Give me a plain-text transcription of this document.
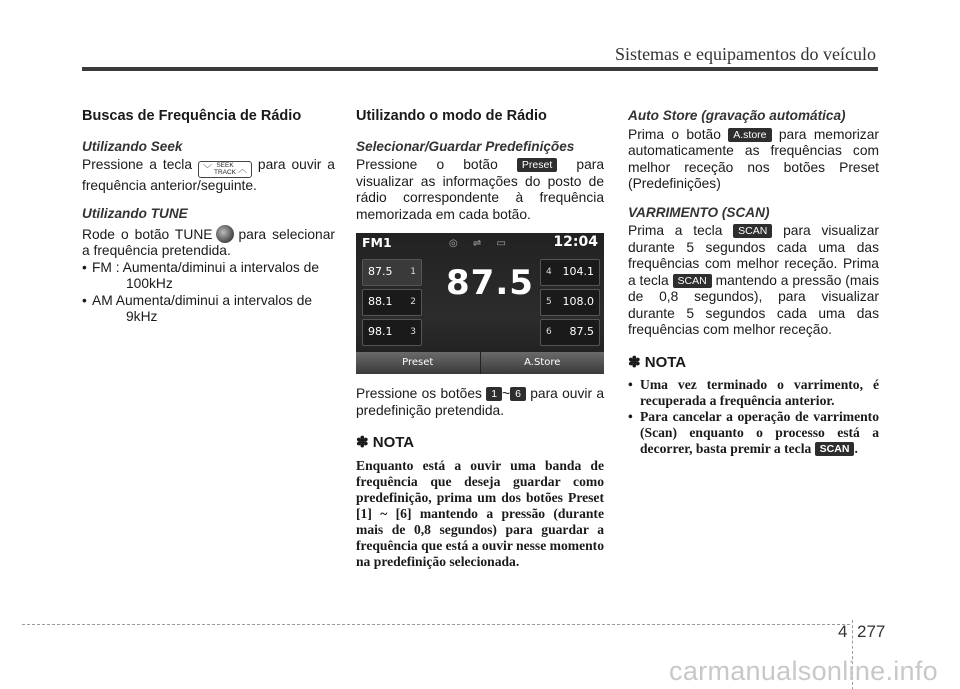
Sistemas e equipamentos do veículo
Buscas de Frequência de Rádio
Utilizando Seek

Pressione a tecla ﹀ SEEK
TRACK ︿ para ouvir a frequência anterior/seguinte.

Utilizando TUNE

Rode o botão TUNE para selecionar a frequência pretendida.

• FM : Aumenta/diminui a intervalos de
100kHz
• AM Aumenta/diminui a intervalos de
9kHz
Utilizando o modo de Rádio
Selecionar/Guardar Predefinições

Pressione o botão Preset para visualizar as informações do posto de rádio correspondente à frequência memorizada em cada botão.

FM1	◎ ⇌ ▭	12:04
87.5 1
88.1 2
98.1 3
87.5 4 104.1
5 108.0
6 87.5
Preset	A.Store

Pressione os botões 1 ~ 6 para ouvir a predefinição pretendida.

✽ NOTA

Enquanto está a ouvir uma banda de frequência que deseja guardar como predefinição, prima um dos botões Preset [1] ~ [6] mantendo a pressão (durante mais de 0,8 segundos) para guardar a frequência que está a ouvir nesse momento na predefinição selecionada.

Auto Store (gravação automática)

Prima o botão A.store para memorizar automaticamente as frequências com melhor receção nos botões Preset (Predefinições)

VARRIMENTO (SCAN)

Prima a tecla SCAN para visualizar durante 5 segundos cada uma das frequências com melhor receção. Prima a tecla SCAN mantendo a pressão (mais de 0,8 segundos), para visualizar durante 5 segundos cada uma das frequências com melhor receção.

✽ NOTA
• Uma vez terminado o varrimento, é recuperada a frequência anterior.
• Para cancelar a operação de varrimento (Scan) enquanto o processo está a decorrer, basta premir a tecla SCAN .
4 277
carmanualsonline.info
